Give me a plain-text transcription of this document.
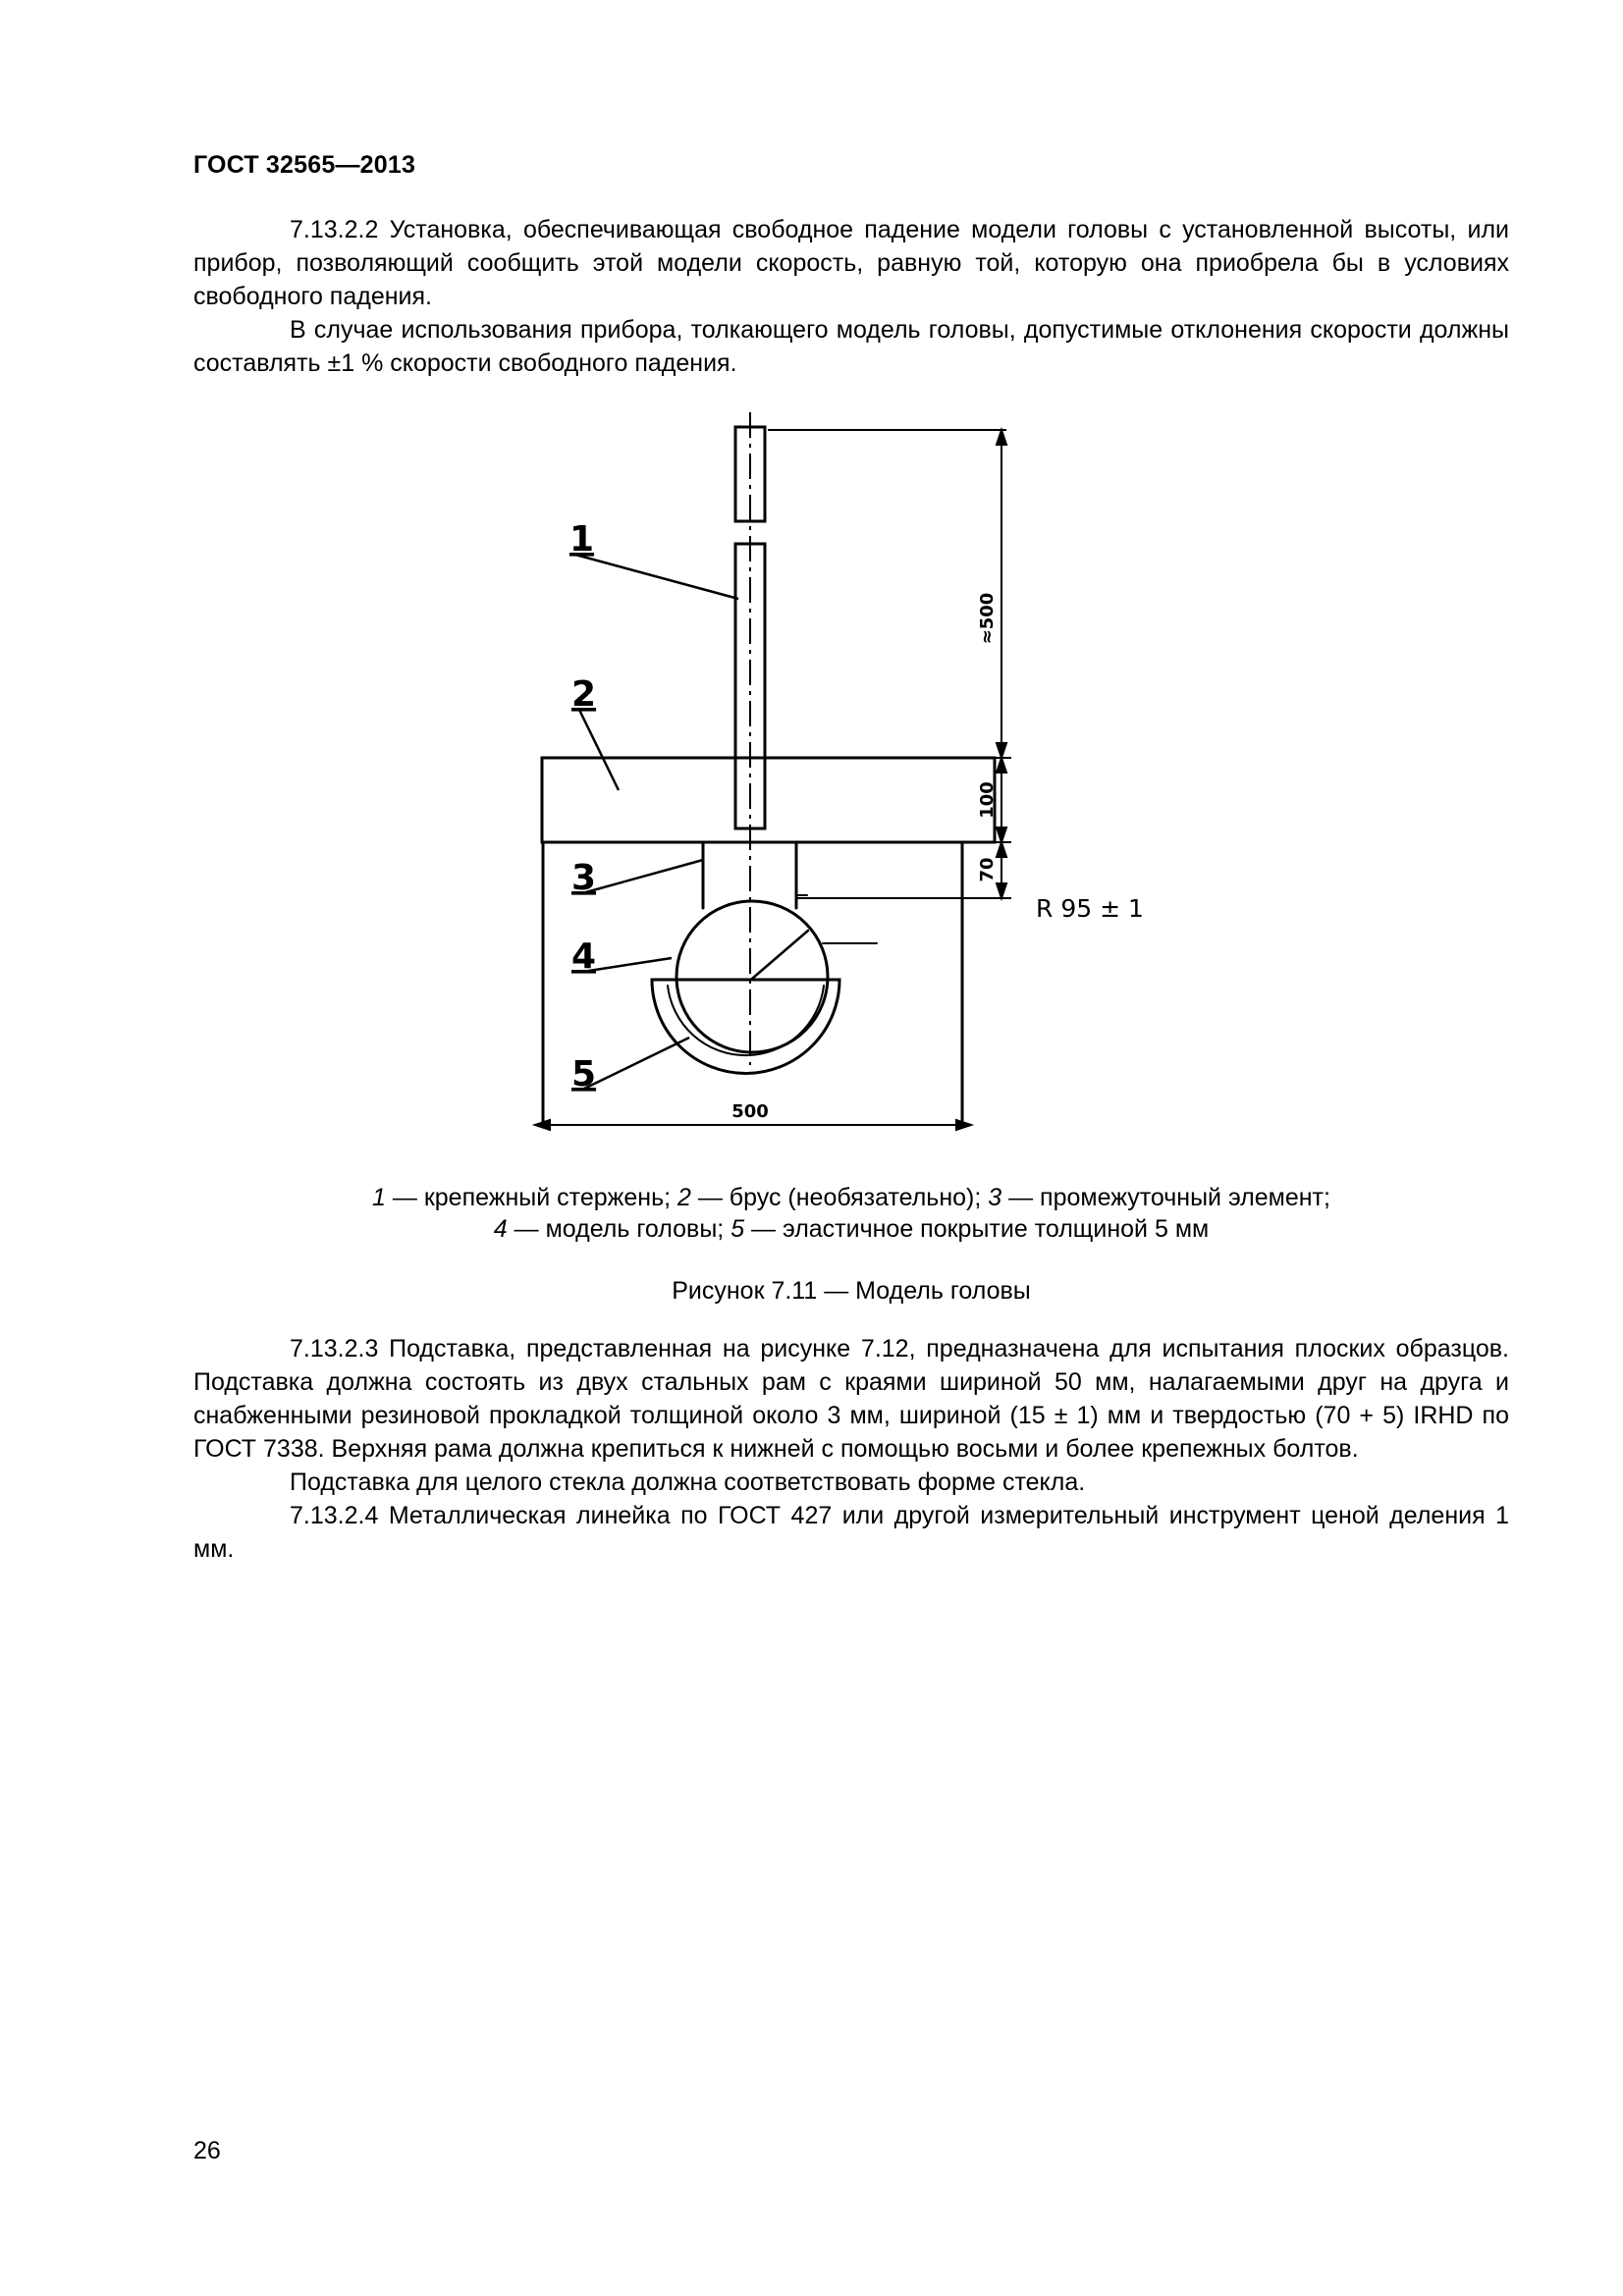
ГОСТ 32565—2013

7.13.2.2 Установка, обеспечивающая свободное падение модели головы с установленной высоты, или прибор, позволяющий сообщить этой модели скорость, равную той, которую она приобрела бы в условиях свободного падения.

В случае использования прибора, толкающего модель головы, допустимые отклонения скорости должны составлять ±1 % скорости свободного падения.

1
2
3
4
5
≈500
100
70
500
R 95 ± 1
1 — крепежный стержень; 2 — брус (необязательно); 3 — промежуточный элемент;
4 — модель головы; 5 — эластичное покрытие толщиной 5 мм
Рисунок 7.11 — Модель головы

7.13.2.3 Подставка, представленная на рисунке 7.12, предназначена для испытания плоских образцов. Подставка должна состоять из двух стальных рам с краями шириной 50 мм, налагаемыми друг на друга и снабженными резиновой прокладкой толщиной около 3 мм, шириной (15 ± 1) мм и твердостью (70 + 5) IRHD по ГОСТ 7338. Верхняя рама должна крепиться к нижней с помощью восьми и более крепежных болтов.

Подставка для целого стекла должна соответствовать форме стекла.

7.13.2.4 Металлическая линейка по ГОСТ 427 или другой измерительный инструмент ценой деления 1 мм.

26
